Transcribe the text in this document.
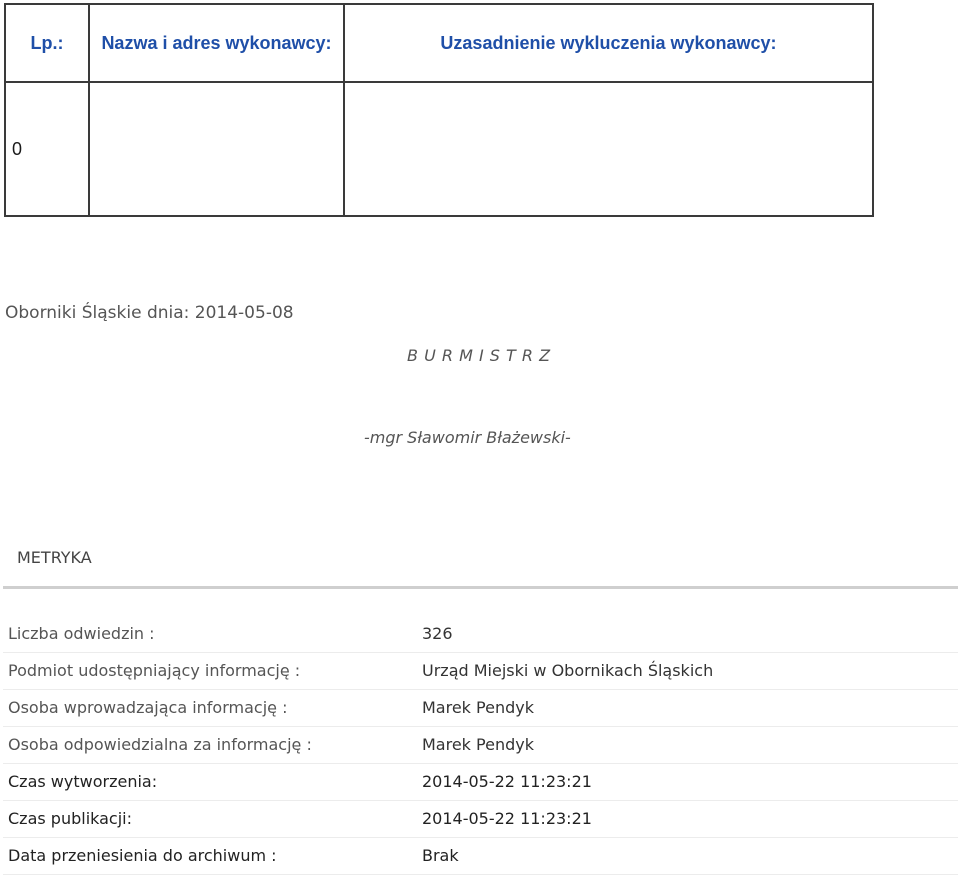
Lp.:	Nazwa i adres wykonawcy:	Uzasadnienie wykluczenia wykonawcy:
0		
Oborniki Śląskie dnia: 2014-05-08
B U R M I S T R Z
-mgr Sławomir Błażewski-
METRYKA
Liczba odwiedzin :	326
Podmiot udostępniający informację :	Urząd Miejski w Obornikach Śląskich
Osoba wprowadzająca informację :	Marek Pendyk
Osoba odpowiedzialna za informację :	Marek Pendyk
Czas wytworzenia:	2014-05-22 11:23:21
Czas publikacji:	2014-05-22 11:23:21
Data przeniesienia do archiwum :	Brak
